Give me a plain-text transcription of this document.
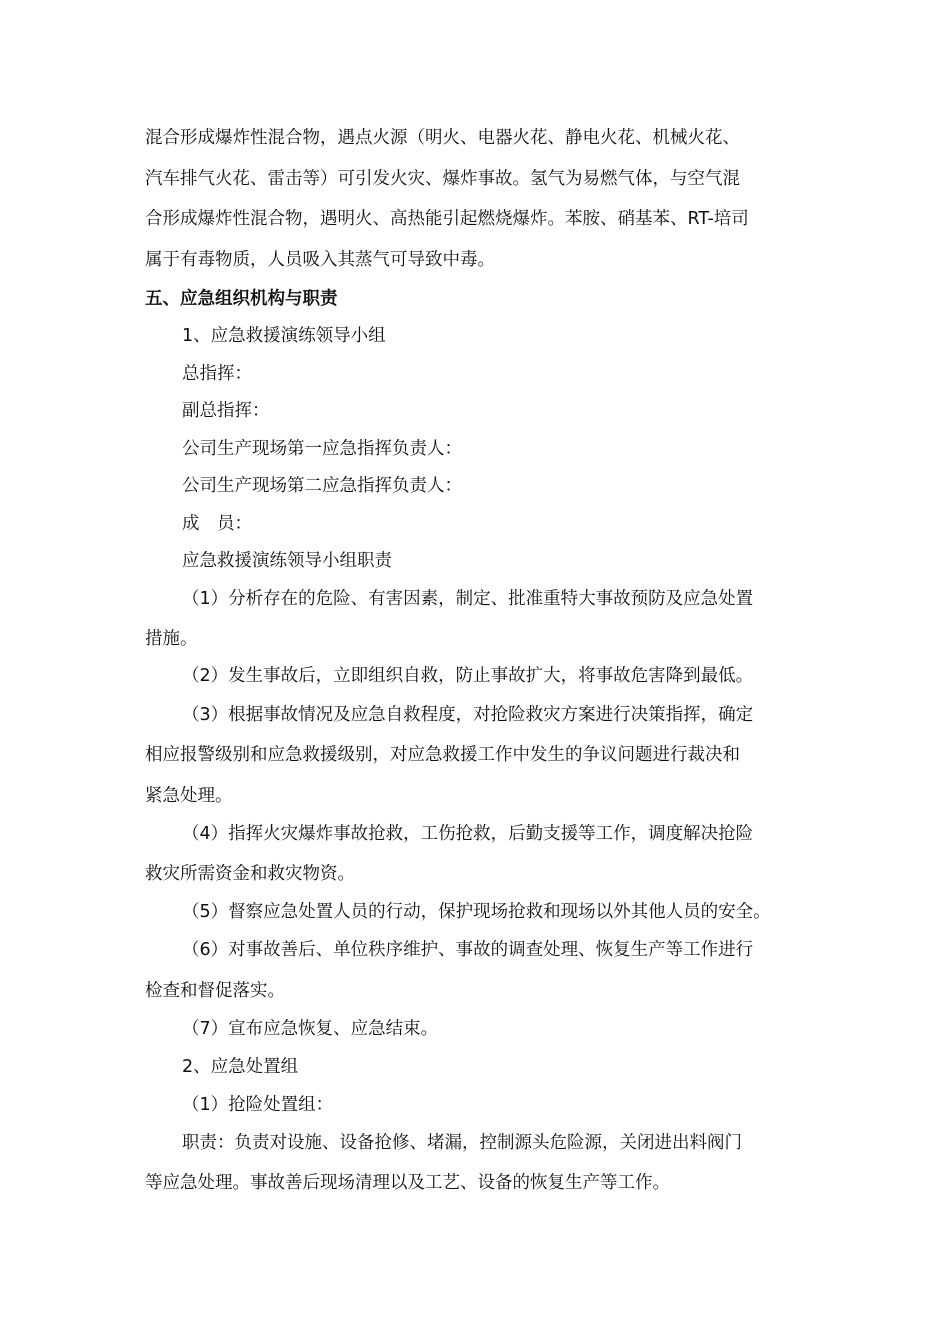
混合形成爆炸性混合物，遇点火源（明火、电器火花、静电火花、机械火花、
汽车排气火花、雷击等）可引发火灾、爆炸事故。氢气为易燃气体，与空气混
合形成爆炸性混合物，遇明火、高热能引起燃烧爆炸。苯胺、硝基苯、RT-培司
属于有毒物质，人员吸入其蒸气可导致中毒。
五、应急组织机构与职责
1、应急救援演练领导小组
总指挥：
副总指挥：
公司生产现场第一应急指挥负责人：
公司生产现场第二应急指挥负责人：
成　员：
应急救援演练领导小组职责
（1）分析存在的危险、有害因素，制定、批准重特大事故预防及应急处置
措施。
（2）发生事故后，立即组织自救，防止事故扩大，将事故危害降到最低。
（3）根据事故情况及应急自救程度，对抢险救灾方案进行决策指挥，确定
相应报警级别和应急救援级别，对应急救援工作中发生的争议问题进行裁决和
紧急处理。
（4）指挥火灾爆炸事故抢救，工伤抢救，后勤支援等工作，调度解决抢险
救灾所需资金和救灾物资。
（5）督察应急处置人员的行动，保护现场抢救和现场以外其他人员的安全。
（6）对事故善后、单位秩序维护、事故的调查处理、恢复生产等工作进行
检查和督促落实。
（7）宣布应急恢复、应急结束。
2、应急处置组
（1）抢险处置组：
职责：负责对设施、设备抢修、堵漏，控制源头危险源，关闭进出料阀门
等应急处理。事故善后现场清理以及工艺、设备的恢复生产等工作。
